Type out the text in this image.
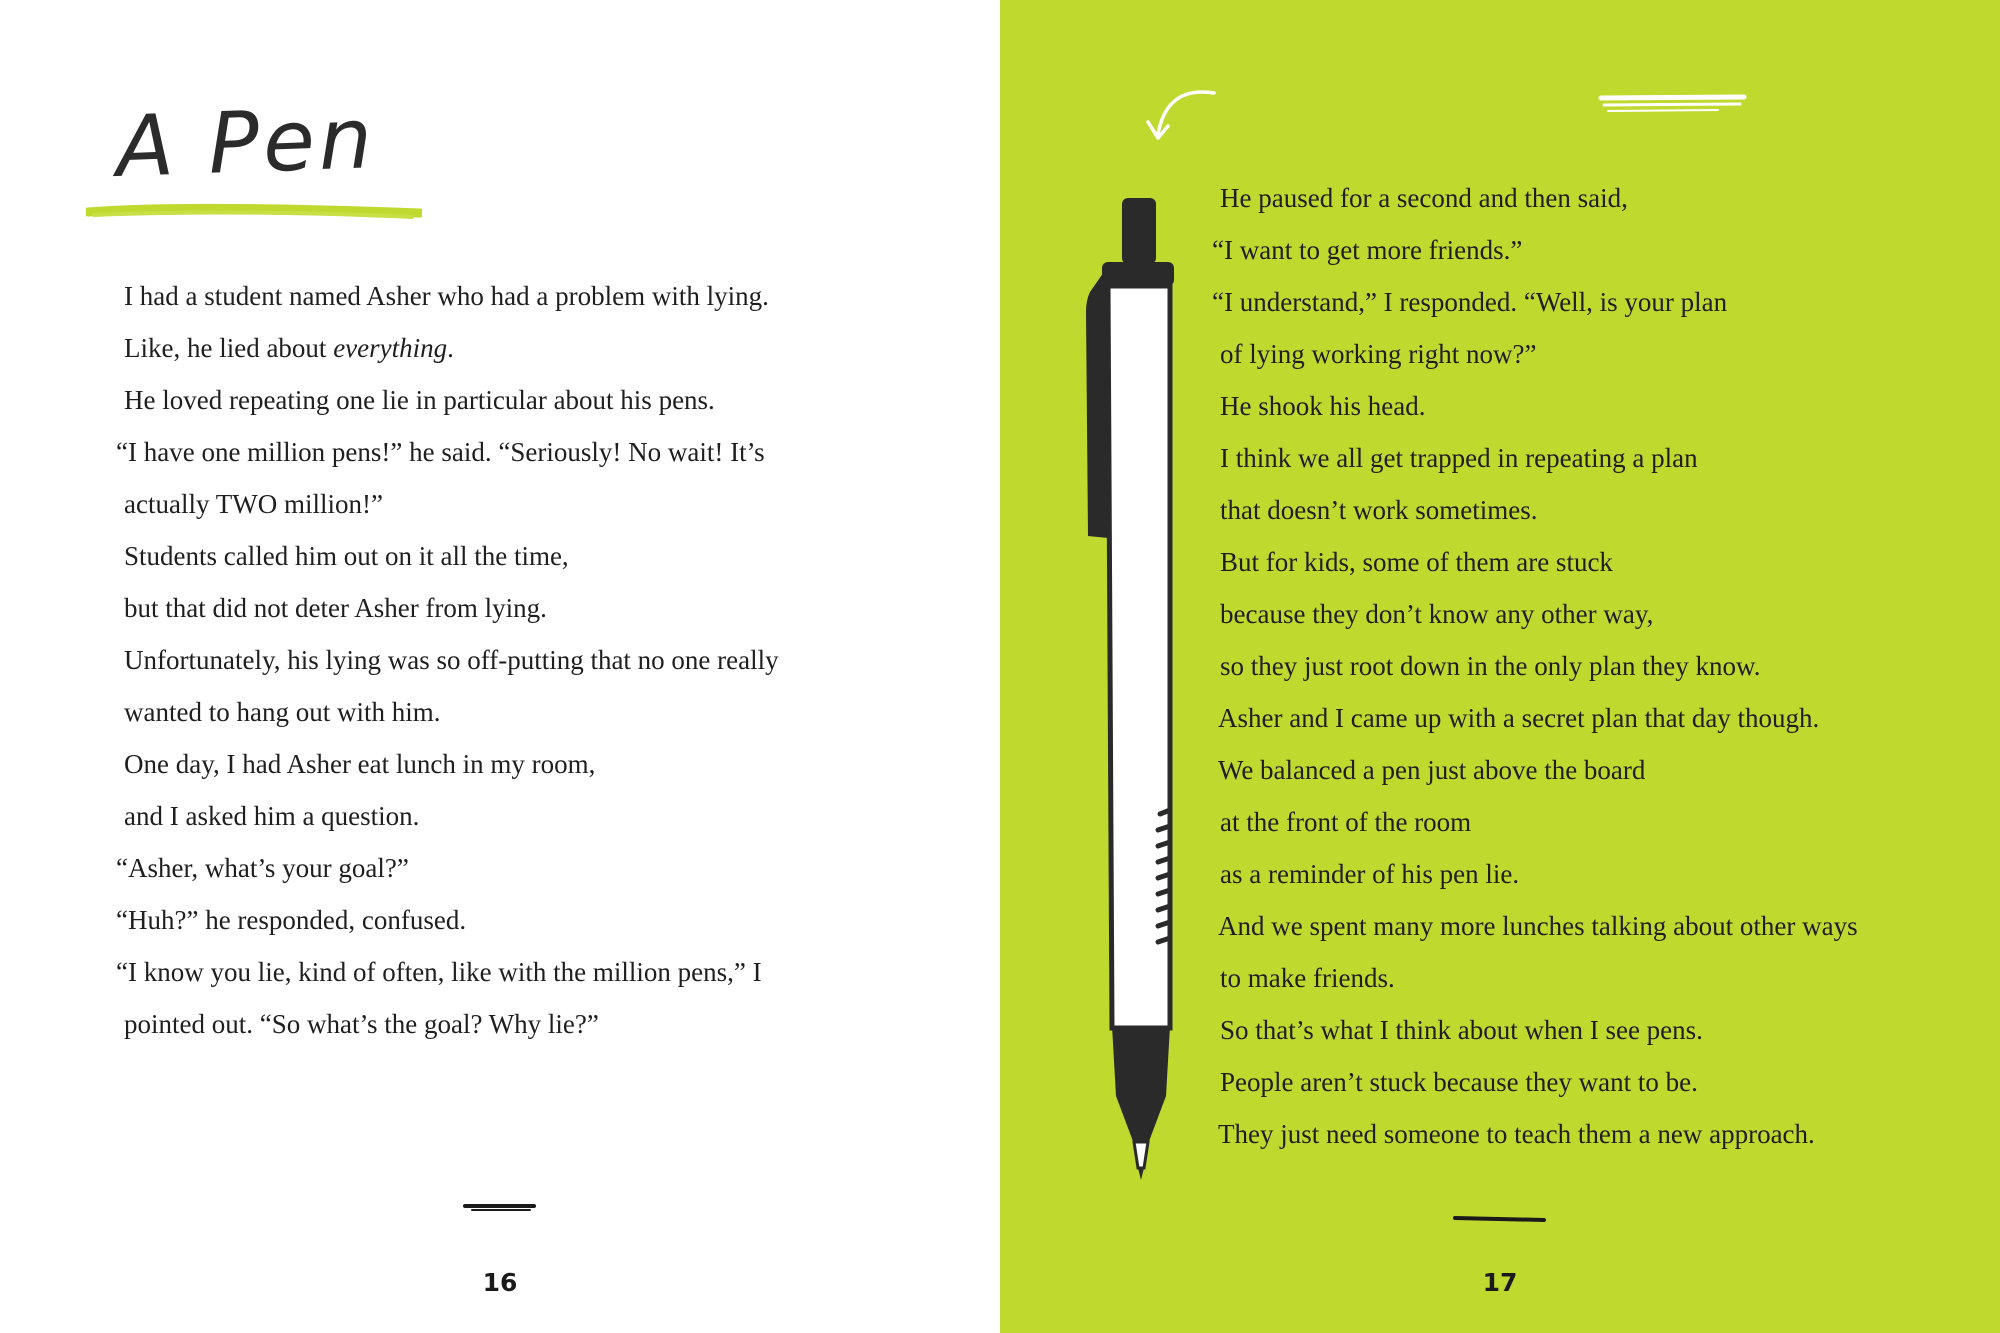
A Pen
I had a student named Asher who had a problem with lying.
Like, he lied about everything.
He loved repeating one lie in particular about his pens.
“I have one million pens!” he said. “Seriously! No wait! It’s
actually TWO million!”
Students called him out on it all the time,
but that did not deter Asher from lying.
Unfortunately, his lying was so off-putting that no one really
wanted to hang out with him.
One day, I had Asher eat lunch in my room,
and I asked him a question.
“Asher, what’s your goal?”
“Huh?” he responded, confused.
“I know you lie, kind of often, like with the million pens,” I
pointed out. “So what’s the goal? Why lie?”
16
He paused for a second and then said,
“I want to get more friends.”
“I understand,” I responded. “Well, is your plan
of lying working right now?”
He shook his head.
I think we all get trapped in repeating a plan
that doesn’t work sometimes.
But for kids, some of them are stuck
because they don’t know any other way,
so they just root down in the only plan they know.
Asher and I came up with a secret plan that day though.
We balanced a pen just above the board
at the front of the room
as a reminder of his pen lie.
And we spent many more lunches talking about other ways
to make friends.
So that’s what I think about when I see pens.
People aren’t stuck because they want to be.
They just need someone to teach them a new approach.
17
